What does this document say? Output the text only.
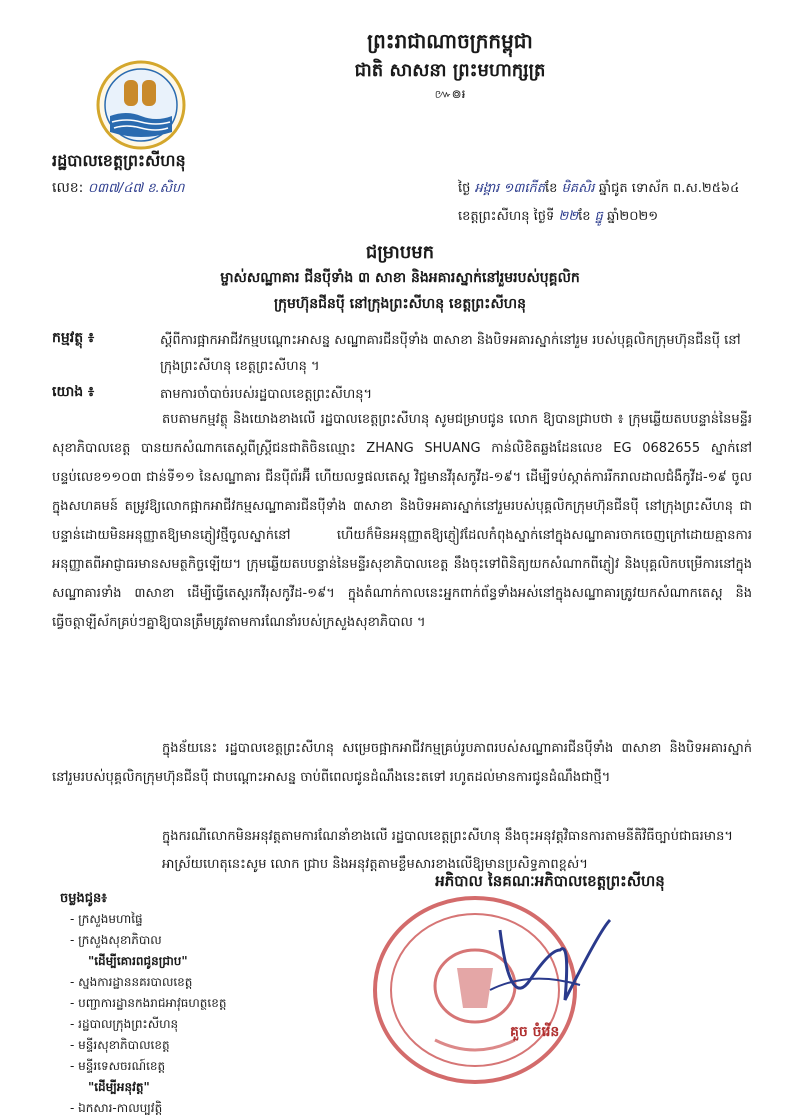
ព្រះរាជាណាចក្រកម្ពុជា
ជាតិ សាសនា ព្រះមហាក្សត្រ
៚៙៛
រដ្ឋបាលខេត្តព្រះសីហនុ
លេខ: ០៣៧/៤៧ ខ.សិហ	ថ្ងៃ អង្គារ ១៣កើតខែ មិគសិរ ឆ្នាំជូត ទោស័ក ព.ស.២៥៦៤
ខេត្តព្រះសីហនុ ថ្ងៃទី ២២ខែ ធ្នូ ឆ្នាំ២០២១
ជម្រាបមក
ម្ចាស់សណ្ឋាគារ ជីនប៉ីទាំង ៣ សាខា និងអគារស្នាក់នៅរួមរបស់បុគ្គលិក
ក្រុមហ៊ុនជីនប៉ី នៅក្រុងព្រះសីហនុ ខេត្តព្រះសីហនុ
កម្មវត្ថុ ៖	ស្តីពីការផ្អាកអាជីវកម្មបណ្តោះអាសន្ន សណ្ឋាគារជីនប៉ីទាំង ៣សាខា និងបិទអគារស្នាក់នៅរួម របស់បុគ្គលិកក្រុមហ៊ុនជីនប៉ី នៅក្រុងព្រះសីហនុ ខេត្តព្រះសីហនុ ។
យោង ៖	តាមការចាំបាច់របស់រដ្ឋបាលខេត្តព្រះសីហនុ។
តបតាមកម្មវត្ថុ និងយោងខាងលើ រដ្ឋបាលខេត្តព្រះសីហនុ សូមជម្រាបជូន លោក ឱ្យបានជ្រាបថា ៖ ក្រុមឆ្លើយតបបន្ទាន់នៃមន្ទីរសុខាភិបាលខេត្ត បានយកសំណាកតេស្តពីស្ត្រីជនជាតិចិនឈ្មោះ ZHANG SHUANG កាន់លិខិតឆ្លងដែនលេខ EG 0682655 ស្នាក់នៅបន្ទប់លេខ១១០៣ ជាន់ទី១១ នៃសណ្ឋាគារ ជីនប៉ីព័រអ៊ី ហើយលទ្ធផលតេស្ត វិជ្ជមានវីរុសកូវីដ-១៩។ ដើម្បីទប់ស្កាត់ការរីករាលដាលជំងឺកូវីដ-១៩ ចូលក្នុងសហគមន៍ តម្រូវឱ្យលោកផ្អាកអាជីវកម្មសណ្ឋាគារជីនប៉ីទាំង ៣សាខា និងបិទអគារស្នាក់នៅរួមរបស់បុគ្គលិកក្រុមហ៊ុនជីនប៉ី នៅក្រុងព្រះសីហនុ ជាបន្ទាន់ដោយមិនអនុញ្ញាតឱ្យមានភ្ញៀវថ្មីចូលស្នាក់នៅ ហើយក៏មិនអនុញ្ញាតឱ្យភ្ញៀវដែលកំពុងស្នាក់នៅក្នុងសណ្ឋាគារចាកចេញក្រៅដោយគ្មានការអនុញ្ញាតពីអាជ្ញាធរមានសមត្ថកិច្ចឡើយ។ ក្រុមឆ្លើយតបបន្ទាន់នៃមន្ទីរសុខាភិបាលខេត្ត នឹងចុះទៅពិនិត្យយកសំណាកពីភ្ញៀវ និងបុគ្គលិកបម្រើការនៅក្នុងសណ្ឋាគារទាំង ៣សាខា ដើម្បីធ្វើតេស្តរកវីរុសកូវីដ-១៩។ ក្នុងតំណាក់កាលនេះអ្នកពាក់ព័ន្ធទាំងអស់នៅក្នុងសណ្ឋាគារត្រូវយកសំណាកតេស្ត និងធ្វើចត្តាឡីស័កគ្រប់ៗគ្នាឱ្យបានត្រឹមត្រូវតាមការណែនាំរបស់ក្រសួងសុខាភិបាល ។
ក្នុងន័យនេះ រដ្ឋបាលខេត្តព្រះសីហនុ សម្រេចផ្អាកអាជីវកម្មគ្រប់រូបភាពរបស់សណ្ឋាគារជីនប៉ីទាំង ៣សាខា និងបិទអគារស្នាក់នៅរួមរបស់បុគ្គលិកក្រុមហ៊ុនជីនប៉ី ជាបណ្តោះអាសន្ន ចាប់ពីពេលជូនដំណឹងនេះតទៅ រហូតដល់មានការជូនដំណឹងជាថ្មី។
ក្នុងករណីលោកមិនអនុវត្តតាមការណែនាំខាងលើ រដ្ឋបាលខេត្តព្រះសីហនុ នឹងចុះអនុវត្តវិធានការតាមនីតិវិធីច្បាប់ជាធរមាន។
អាស្រ័យហេតុនេះសូម លោក ជ្រាប និងអនុវត្តតាមខ្លឹមសារខាងលើឱ្យមានប្រសិទ្ធភាពខ្ពស់។
អភិបាល នៃគណៈអភិបាលខេត្តព្រះសីហនុ
គួច ចំរើន
ចម្លងជូន៖
- ក្រសួងមហាផ្ទៃ
- ក្រសួងសុខាភិបាល
"ដើម្បីគោរពជូនជ្រាប"
- ស្នងការដ្ឋាននគរបាលខេត្ត
- បញ្ជាការដ្ឋានកងរាជអាវុធហត្ថខេត្ត
- រដ្ឋបាលក្រុងព្រះសីហនុ
- មន្ទីរសុខាភិបាលខេត្ត
- មន្ទីរទេសចរណ៍ខេត្ត
"ដើម្បីអនុវត្ត"
- ឯកសារ-កាលប្បវត្តិ
